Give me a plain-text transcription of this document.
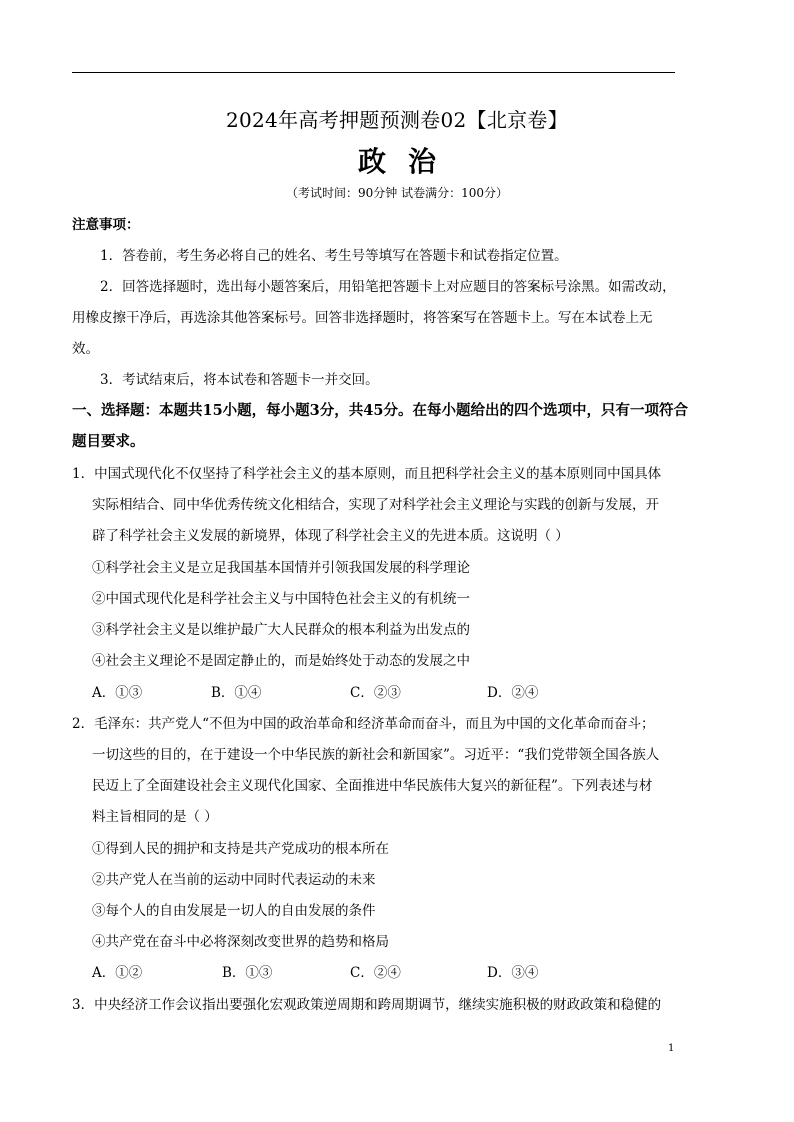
2024年高考押题预测卷02【北京卷】
政治
（考试时间：90分钟 试卷满分：100分）
注意事项：
1．答卷前，考生务必将自己的姓名、考生号等填写在答题卡和试卷指定位置。
2．回答选择题时，选出每小题答案后，用铅笔把答题卡上对应题目的答案标号涂黑。如需改动，
用橡皮擦干净后，再选涂其他答案标号。回答非选择题时，将答案写在答题卡上。写在本试卷上无
效。
3．考试结束后，将本试卷和答题卡一并交回。
一、选择题：本题共15小题，每小题3分，共45分。在每小题给出的四个选项中，只有一项符合
题目要求。
1．中国式现代化不仅坚持了科学社会主义的基本原则，而且把科学社会主义的基本原则同中国具体
实际相结合、同中华优秀传统文化相结合，实现了对科学社会主义理论与实践的创新与发展，开
辟了科学社会主义发展的新境界，体现了科学社会主义的先进本质。这说明（ ）
①科学社会主义是立足我国基本国情并引领我国发展的科学理论
②中国式现代化是科学社会主义与中国特色社会主义的有机统一
③科学社会主义是以维护最广大人民群众的根本利益为出发点的
④社会主义理论不是固定静止的，而是始终处于动态的发展之中
A．①③	B．①④	C．②③	D．②④
2．毛泽东：共产党人“不但为中国的政治革命和经济革命而奋斗，而且为中国的文化革命而奋斗；
一切这些的目的，在于建设一个中华民族的新社会和新国家”。习近平：“我们党带领全国各族人
民迈上了全面建设社会主义现代化国家、全面推进中华民族伟大复兴的新征程”。下列表述与材
料主旨相同的是（ ）
①得到人民的拥护和支持是共产党成功的根本所在
②共产党人在当前的运动中同时代表运动的未来
③每个人的自由发展是一切人的自由发展的条件
④共产党在奋斗中必将深刻改变世界的趋势和格局
A．①②	B．①③	C．②④	D．③④
3．中央经济工作会议指出要强化宏观政策逆周期和跨周期调节，继续实施积极的财政政策和稳健的
1
